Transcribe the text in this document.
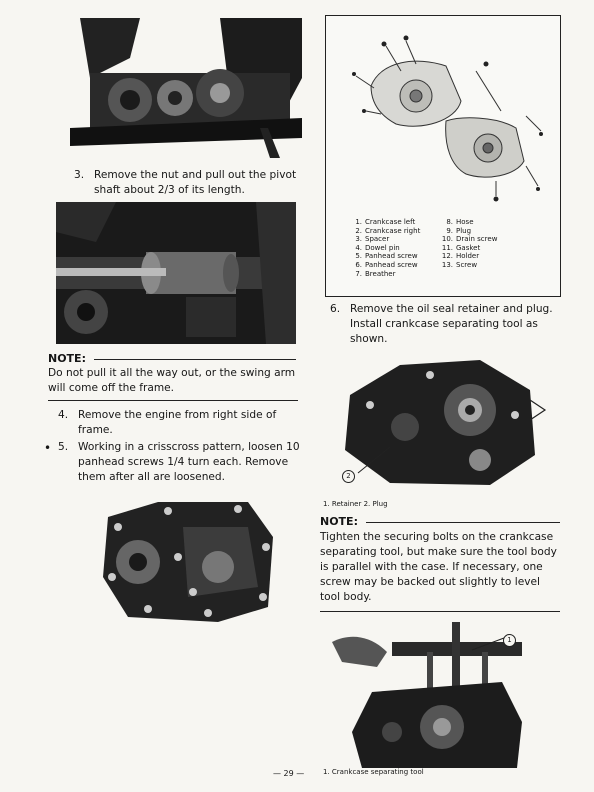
3. Remove the nut and pull out the pivot shaft about 2/3 of its length.
NOTE:
Do not pull it all the way out, or the swing arm will come off the frame.
4. Remove the engine from right side of frame.
• 5. Working in a crisscross pattern, loosen 10 panhead screws 1/4 turn each. Remove them after all are loosened.
1. Crankcase left	8. Hose
2. Crankcase right	9. Plug
3. Spacer	10. Drain screw
4. Dowel pin	11. Gasket
5. Panhead screw	12. Holder
6. Panhead screw	13. Screw
7. Breather
6. Remove the oil seal retainer and plug. Install crankcase separating tool as shown.
2
1. Retainer 2. Plug
NOTE:
Tighten the securing bolts on the crankcase separating tool, but make sure the tool body is parallel with the case. If necessary, one screw may be backed out slightly to level tool body.
1
— 29 —	1. Crankcase separating tool
